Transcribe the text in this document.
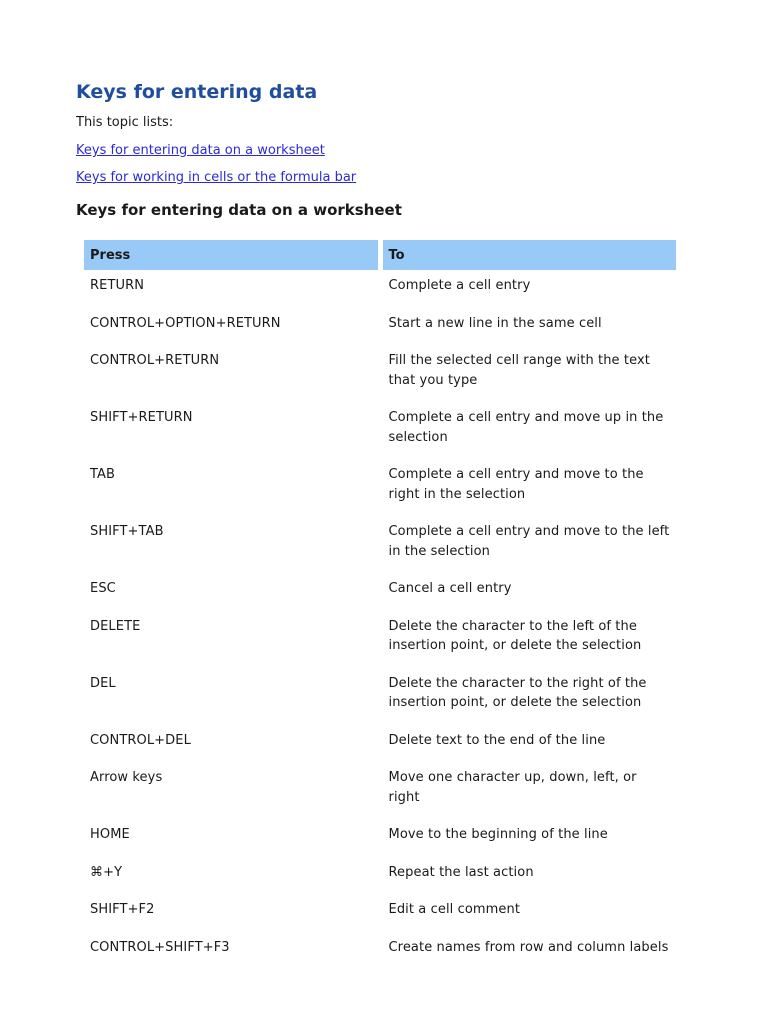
Keys for entering data

This topic lists:

Keys for entering data on a worksheet
Keys for working in cells or the formula bar
Keys for entering data on a worksheet
Press	To
RETURN	Complete a cell entry
CONTROL+OPTION+RETURN	Start a new line in the same cell
CONTROL+RETURN	Fill the selected cell range with the text that you type
SHIFT+RETURN	Complete a cell entry and move up in the selection
TAB	Complete a cell entry and move to the right in the selection
SHIFT+TAB	Complete a cell entry and move to the left in the selection
ESC	Cancel a cell entry
DELETE	Delete the character to the left of the insertion point, or delete the selection
DEL	Delete the character to the right of the insertion point, or delete the selection
CONTROL+DEL	Delete text to the end of the line
Arrow keys	Move one character up, down, left, or right
HOME	Move to the beginning of the line
⌘+Y	Repeat the last action
SHIFT+F2	Edit a cell comment
CONTROL+SHIFT+F3	Create names from row and column labels
